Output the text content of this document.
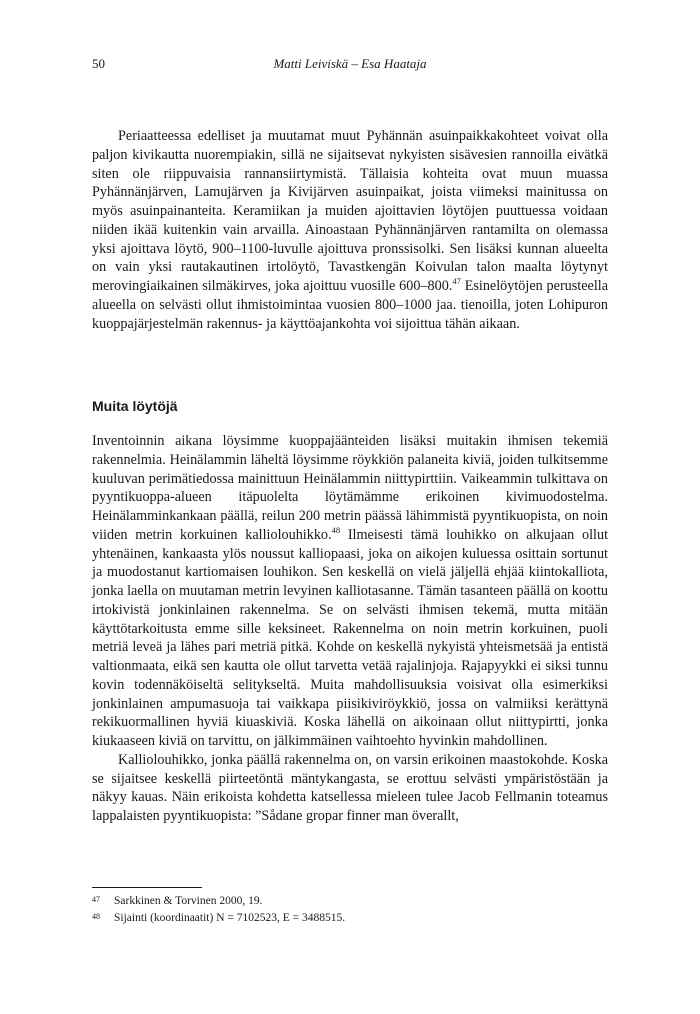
50	Matti Leiviskä – Esa Haataja

Periaatteessa edelliset ja muutamat muut Pyhännän asuinpaikkakohteet voivat olla paljon kivikautta nuorempiakin, sillä ne sijaitsevat nykyisten sisävesien rannoilla eivätkä siten ole riippuvaisia rannansiirtymistä. Tällaisia kohteita ovat muun muassa Pyhännänjärven, Lamujärven ja Kivijärven asuinpaikat, joista viimeksi mainitussa on myös asuinpainanteita. Keramiikan ja muiden ajoittavien löytöjen puuttuessa voidaan niiden ikää kuitenkin vain arvailla. Ainoastaan Pyhännänjärven rantamilta on olemassa yksi ajoittava löytö, 900–1100-luvulle ajoittuva pronssisolki. Sen lisäksi kunnan alueelta on vain yksi rautakautinen irtolöytö, Tavastkengän Koivulan talon maalta löytynyt merovingiaikainen silmäkirves, joka ajoittuu vuosille 600–800.47 Esinelöytöjen perusteella alueella on selvästi ollut ihmistoimintaa vuosien 800–1000 jaa. tienoilla, joten Lohipuron kuoppajärjestelmän rakennus- ja käyttöajankohta voi sijoittua tähän aikaan.

Muita löytöjä

Inventoinnin aikana löysimme kuoppajäänteiden lisäksi muitakin ihmisen tekemiä rakennelmia. Heinälammin läheltä löysimme röykkiön palaneita kiviä, joiden tulkitsemme kuuluvan perimätiedossa mainittuun Heinälammin niittypirttiin. Vaikeammin tulkittava on pyyntikuoppa-alueen itäpuolelta löytämämme erikoinen kivimuodostelma. Heinälamminkankaan päällä, reilun 200 metrin päässä lähimmistä pyyntikuopista, on noin viiden metrin korkuinen kalliolouhikko.$^{48}$ Ilmeisesti tämä louhikko on alkujaan ollut yhtenäinen, kankaasta ylös noussut kalliopaasi, joka on aikojen kuluessa osittain sortunut ja muodostanut kartiomaisen louhikon. Sen keskellä on vielä jäljellä ehjää kiintokalliota, jonka laella on muutaman metrin levyinen kalliotasanne. Tämän tasanteen päällä on koottu irtokivistä jonkinlainen rakennelma. Se on selvästi ihmisen tekemä, mutta mitään käyttötarkoitusta emme sille keksineet. Rakennelma on noin metrin korkuinen, puoli metriä leveä ja lähes pari metriä pitkä. Kohde on keskellä nykyistä yhteismetsää ja entistä valtionmaata, eikä sen kautta ole ollut tarvetta vetää rajalinjoja. Rajapyykki ei siksi tunnu kovin todennäköiseltä selitykseltä. Muita mahdollisuuksia voisivat olla esimerkiksi jonkinlainen ampumasuoja tai vaikkapa piisikiviröykkiö, jossa on valmiiksi kerättynä rekikuormallinen hyviä kiuaskiviä. Koska lähellä on aikoinaan ollut niittypirtti, jonka kiukaaseen kiviä on tarvittu, on jälkimmäinen vaihtoehto hyvinkin mahdollinen.

Kalliolouhikko, jonka päällä rakennelma on, on varsin erikoinen maastokohde. Koska se sijaitsee keskellä piirteetöntä mäntykangasta, se erottuu selvästi ympäristöstään ja näkyy kauas. Näin erikoista kohdetta katsellessa mieleen tulee Jacob Fellmanin toteamus lappalaisten pyyntikuopista: ”Sådane gropar finner man överallt,

47 Sarkkinen & Torvinen 2000, 19.
48 Sijainti (koordinaatit) N = 7102523, E = 3488515.
